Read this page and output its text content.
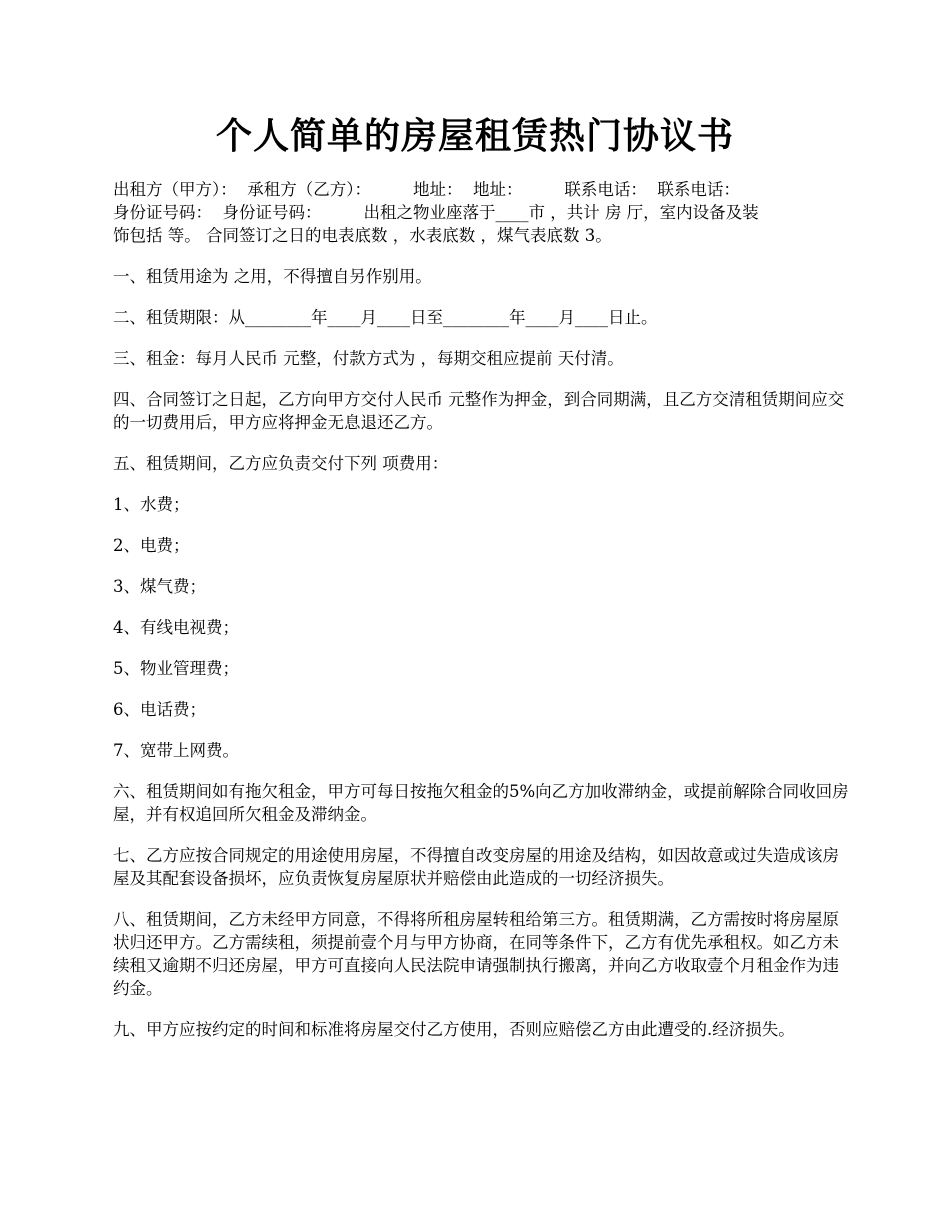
个人简单的房屋租赁热门协议书
出租方（甲方）：  承租方（乙方）：        地址：  地址：        联系电话：  联系电话：
身份证号码：  身份证号码：        出租之物业座落于____市 ，共计 房 厅，室内设备及装
饰包括 等。 合同签订之日的电表底数 ，水表底数 ，煤气表底数 3。

一、租赁用途为 之用，不得擅自另作别用。

二、租赁期限：从________年____月____日至________年____月____日止。

三、租金：每月人民币 元整，付款方式为 ，每期交租应提前 天付清。

四、合同签订之日起，乙方向甲方交付人民币 元整作为押金，到合同期满，且乙方交清租赁期间应交的一切费用后，甲方应将押金无息退还乙方。

五、租赁期间，乙方应负责交付下列 项费用：

1、水费；

2、电费；

3、煤气费；

4、有线电视费；

5、物业管理费；

6、电话费；

7、宽带上网费。

六、租赁期间如有拖欠租金，甲方可每日按拖欠租金的5%向乙方加收滞纳金，或提前解除合同收回房屋，并有权追回所欠租金及滞纳金。

七、乙方应按合同规定的用途使用房屋，不得擅自改变房屋的用途及结构，如因故意或过失造成该房屋及其配套设备损坏，应负责恢复房屋原状并赔偿由此造成的一切经济损失。

八、租赁期间，乙方未经甲方同意，不得将所租房屋转租给第三方。租赁期满，乙方需按时将房屋原状归还甲方。乙方需续租，须提前壹个月与甲方协商，在同等条件下，乙方有优先承租权。如乙方未续租又逾期不归还房屋，甲方可直接向人民法院申请强制执行搬离，并向乙方收取壹个月租金作为违约金。

九、甲方应按约定的时间和标准将房屋交付乙方使用，否则应赔偿乙方由此遭受的.经济损失。
